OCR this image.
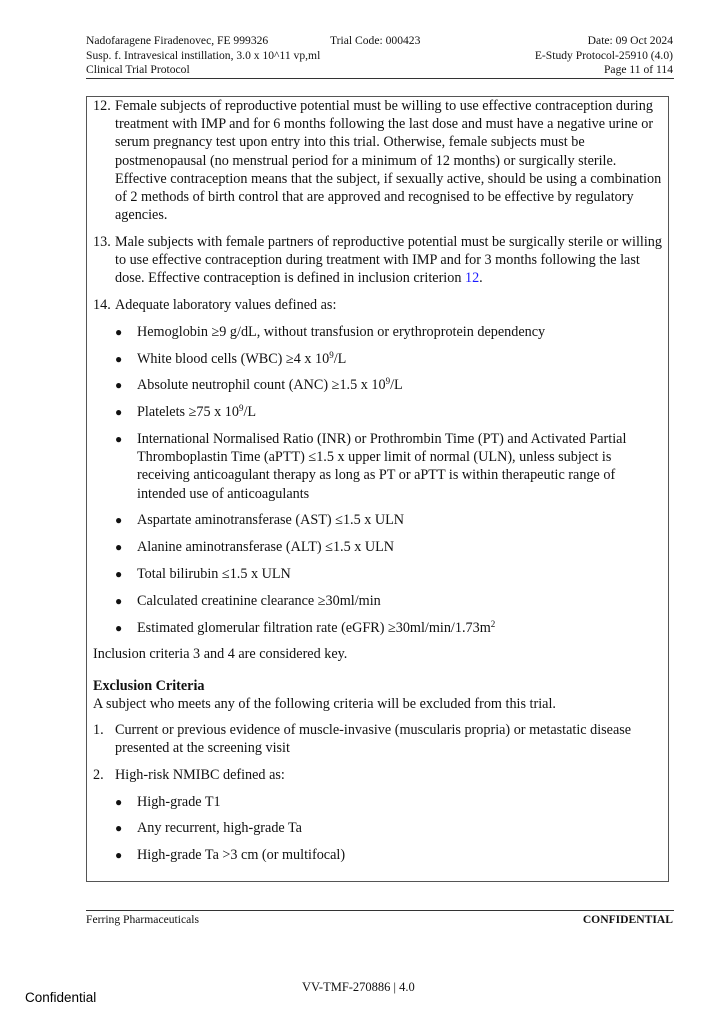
Nadofaragene Firadenovec, FE 999326	Trial Code: 000423	Date: 09 Oct 2024
Susp. f. Intravesical instillation, 3.0 x 10^11 vp,ml	E-Study Protocol-25910 (4.0)
Clinical Trial Protocol	Page 11 of 114
12. Female subjects of reproductive potential must be willing to use effective contraception during treatment with IMP and for 6 months following the last dose and must have a negative urine or serum pregnancy test upon entry into this trial. Otherwise, female subjects must be postmenopausal (no menstrual period for a minimum of 12 months) or surgically sterile. Effective contraception means that the subject, if sexually active, should be using a combination of 2 methods of birth control that are approved and recognised to be effective by regulatory agencies.
13. Male subjects with female partners of reproductive potential must be surgically sterile or willing to use effective contraception during treatment with IMP and for 3 months following the last dose. Effective contraception is defined in inclusion criterion 12.
14. Adequate laboratory values defined as:
●	Hemoglobin ≥9 g/dL, without transfusion or erythroprotein dependency
●	White blood cells (WBC) ≥4 x $10^9/L$
●	Absolute neutrophil count (ANC) ≥1.5 x $10^9/L$
●	Platelets ≥75 x $10^9/L$
●	International Normalised Ratio (INR) or Prothrombin Time (PT) and Activated Partial Thromboplastin Time (aPTT) ≤1.5 x upper limit of normal (ULN), unless subject is receiving anticoagulant therapy as long as PT or aPTT is within therapeutic range of intended use of anticoagulants
●	Aspartate aminotransferase (AST) ≤1.5 x ULN
●	Alanine aminotransferase (ALT) ≤1.5 x ULN
●	Total bilirubin ≤1.5 x ULN
●	Calculated creatinine clearance ≥30ml/min
●	Estimated glomerular filtration rate (eGFR) $\ge 30ml/\min/1.73m^2$
Inclusion criteria 3 and 4 are considered key.
Exclusion Criteria
A subject who meets any of the following criteria will be excluded from this trial.
1. Current or previous evidence of muscle-invasive (muscularis propria) or metastatic disease presented at the screening visit
2. High-risk NMIBC defined as:
●	High-grade T1
●	Any recurrent, high-grade Ta
●	High-grade Ta >3 cm (or multifocal)
Ferring Pharmaceuticals	CONFIDENTIAL
VV-TMF-270886 | 4.0
Confidential
